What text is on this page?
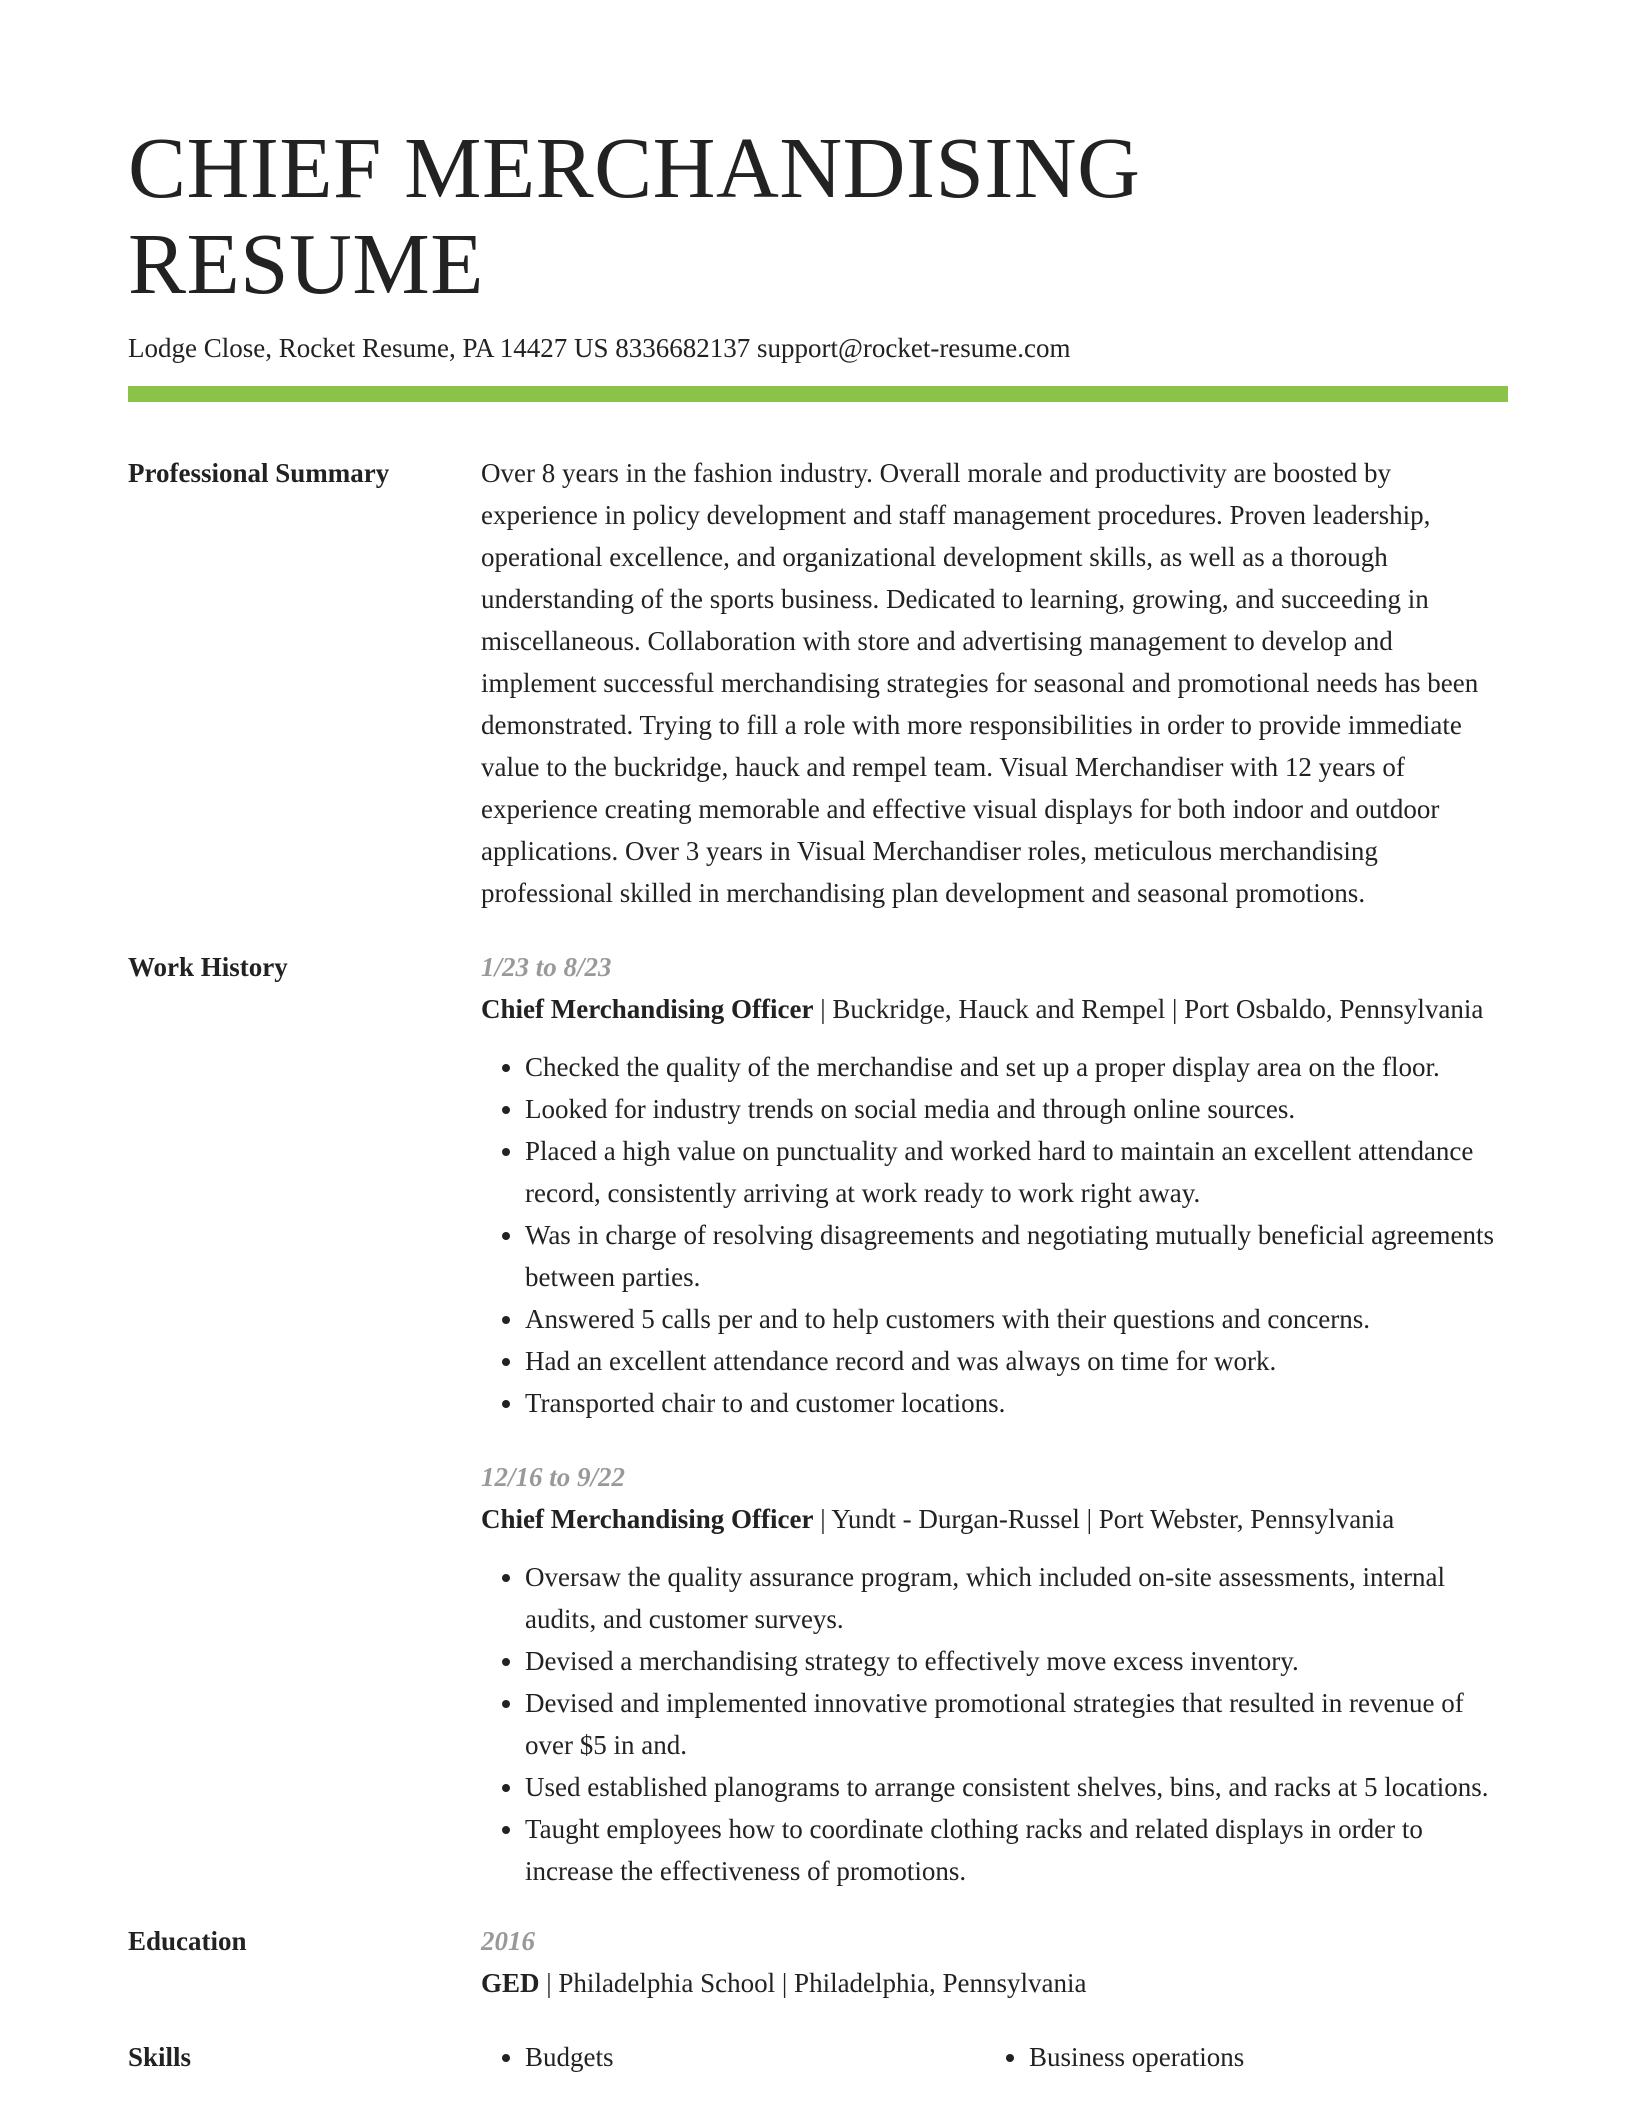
CHIEF MERCHANDISING RESUME
Lodge Close, Rocket Resume, PA 14427 US 8336682137 support@rocket-resume.com
Professional Summary	Over 8 years in the fashion industry. Overall morale and productivity are boosted by experience in policy development and staff management procedures. Proven leadership, operational excellence, and organizational development skills, as well as a thorough understanding of the sports business. Dedicated to learning, growing, and succeeding in miscellaneous. Collaboration with store and advertising management to develop and implement successful merchandising strategies for seasonal and promotional needs has been demonstrated. Trying to fill a role with more responsibilities in order to provide immediate value to the buckridge, hauck and rempel team. Visual Merchandiser with 12 years of experience creating memorable and effective visual displays for both indoor and outdoor applications. Over 3 years in Visual Merchandiser roles, meticulous merchandising professional skilled in merchandising plan development and seasonal promotions.
Work History	1/23 to 8/23
Chief Merchandising Officer | Buckridge, Hauck and Rempel | Port Osbaldo, Pennsylvania
• Checked the quality of the merchandise and set up a proper display area on the floor.
• Looked for industry trends on social media and through online sources.
• Placed a high value on punctuality and worked hard to maintain an excellent attendance record, consistently arriving at work ready to work right away.
• Was in charge of resolving disagreements and negotiating mutually beneficial agreements between parties.
• Answered 5 calls per and to help customers with their questions and concerns.
• Had an excellent attendance record and was always on time for work.
• Transported chair to and customer locations.
12/16 to 9/22
Chief Merchandising Officer | Yundt - Durgan-Russel | Port Webster, Pennsylvania
• Oversaw the quality assurance program, which included on-site assessments, internal audits, and customer surveys.
• Devised a merchandising strategy to effectively move excess inventory.
• Devised and implemented innovative promotional strategies that resulted in revenue of over $5 in and.
• Used established planograms to arrange consistent shelves, bins, and racks at 5 locations.
• Taught employees how to coordinate clothing racks and related displays in order to increase the effectiveness of promotions.
Education	2016
GED | Philadelphia School | Philadelphia, Pennsylvania
Skills	• Budgets	• Business operations
